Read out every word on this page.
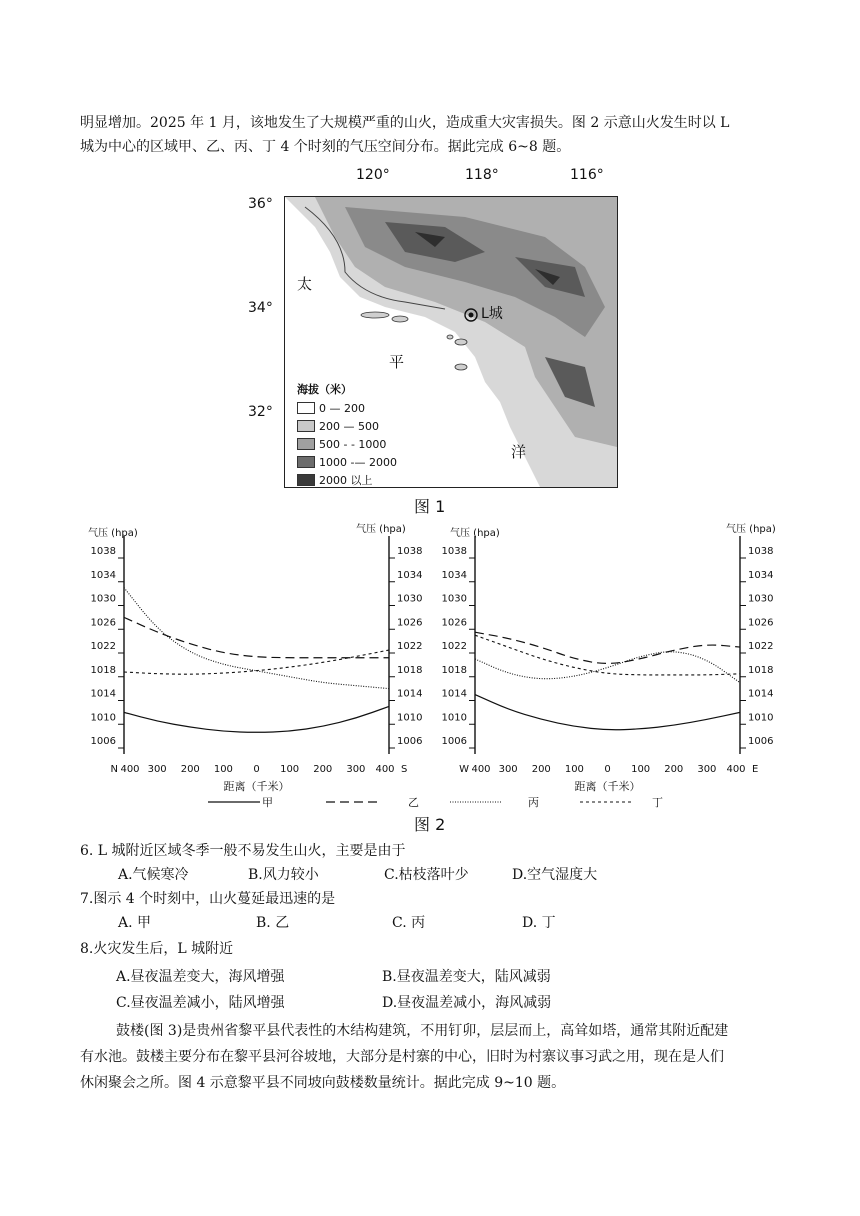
明显增加。2025 年 1 月，该地发生了大规模严重的山火，造成重大灾害损失。图 2 示意山火发生时以 L
城为中心的区域甲、乙、丙、丁 4 个时刻的气压空间分布。据此完成 6~8 题。
120°	118°	116°
36°
34°
32°
L城
太
平
洋
海拔（米）
0 — 200
200 — 500
500 - - 1000
1000 -— 2000
2000 以上
图 1
气压 (hpa)	气压 (hpa)
1006	1006
1010	1010
1014	1014
1018	1018
1022	1022
1026	1026
1030	1030
1034	1034
1038	1038
N 400 300 200 100 0 100 200 300 400 S
距离（千米）
气压 (hpa)	气压 (hpa)
1006	1006
1010	1010
1014	1014
1018	1018
1022	1022
1026	1026
1030	1030
1034	1034
1038	1038
W 400 300 200 100 0 100 200 300 400 E
距离（千米）
甲	乙	丙	丁
图 2
6. L 城附近区域冬季一般不易发生山火，主要是由于
A.气候寒冷	B.风力较小	C.枯枝落叶少	D.空气湿度大
7.图示 4 个时刻中，山火蔓延最迅速的是
A. 甲	B. 乙	C. 丙	D. 丁
8.火灾发生后，L 城附近
A.昼夜温差变大，海风增强	B.昼夜温差变大，陆风减弱
C.昼夜温差减小，陆风增强	D.昼夜温差减小，海风减弱
鼓楼(图 3)是贵州省黎平县代表性的木结构建筑，不用钉卯，层层而上，高耸如塔，通常其附近配建
有水池。鼓楼主要分布在黎平县河谷坡地，大部分是村寨的中心，旧时为村寨议事习武之用，现在是人们
休闲聚会之所。图 4 示意黎平县不同坡向鼓楼数量统计。据此完成 9~10 题。
